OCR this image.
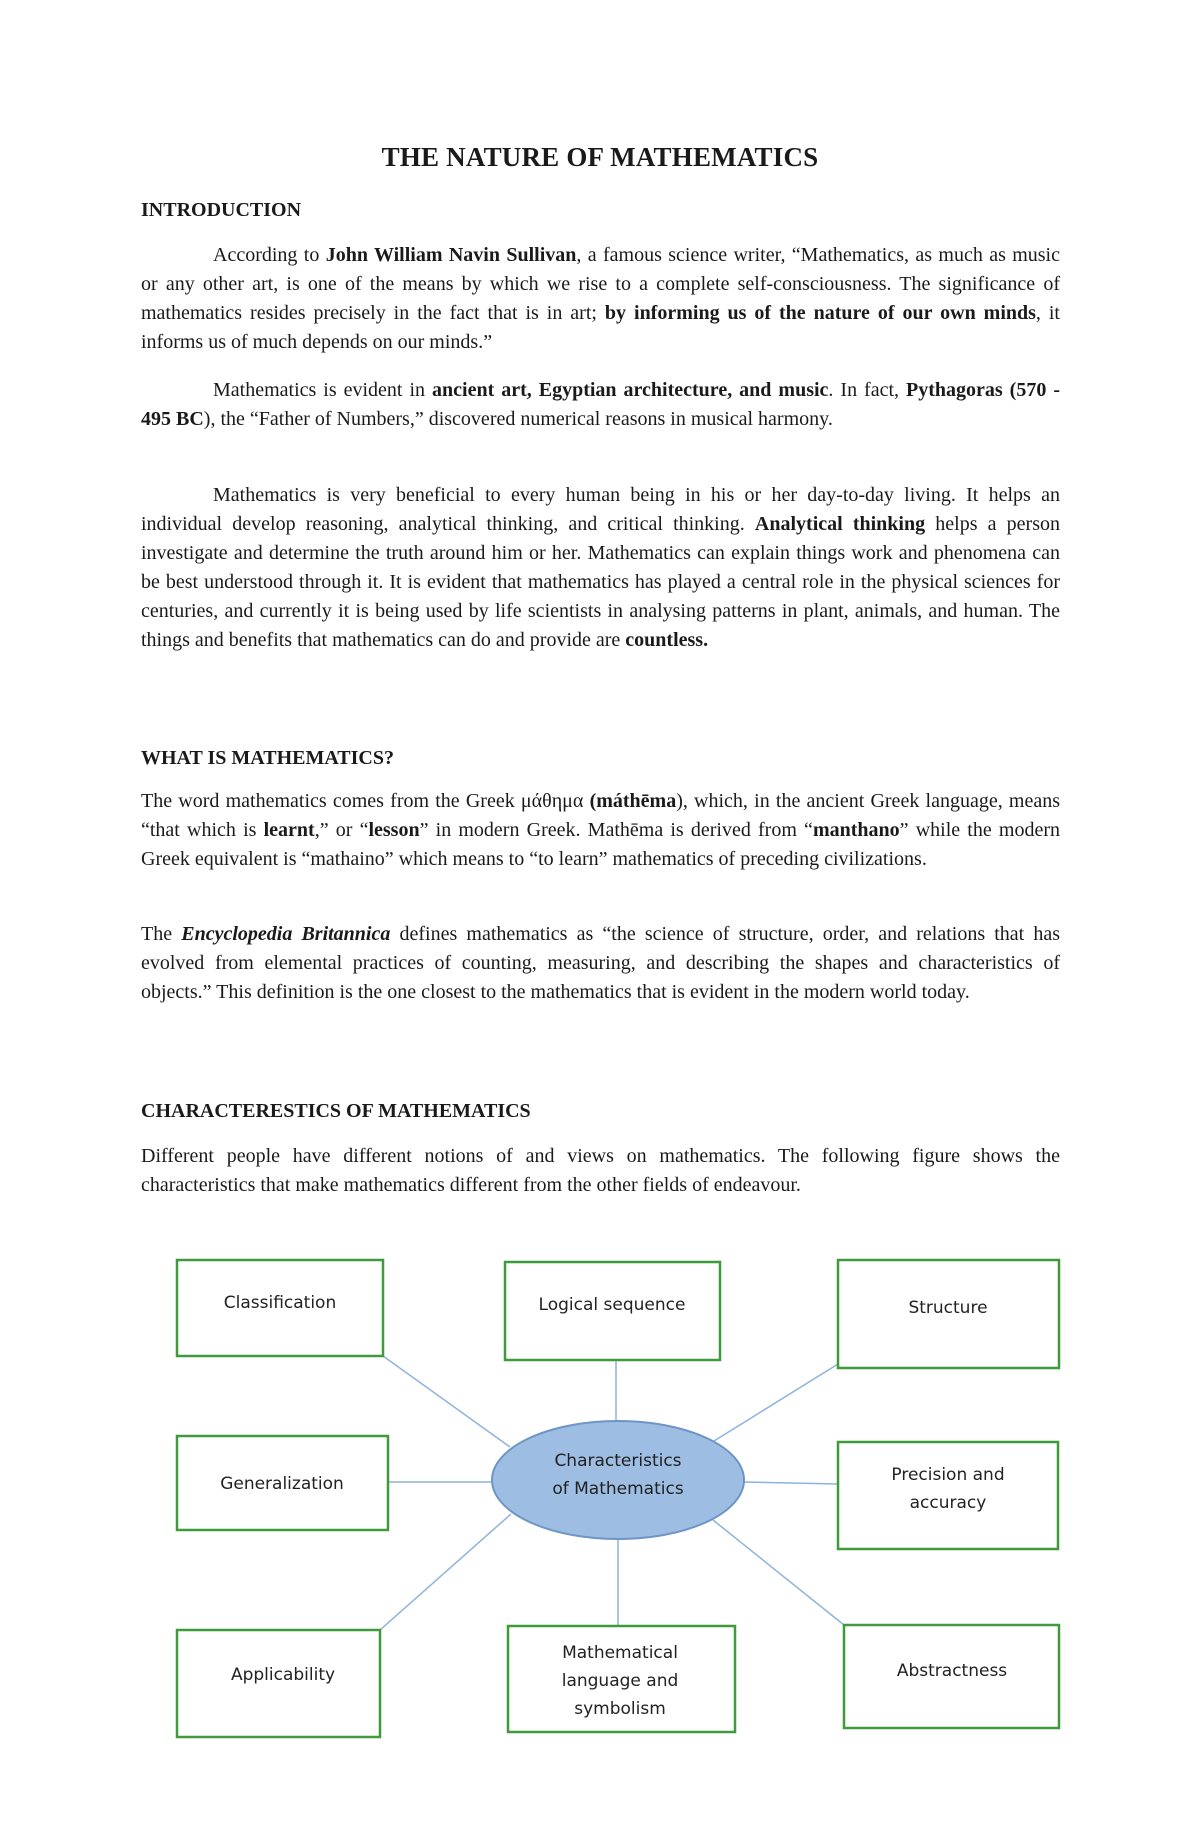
THE NATURE OF MATHEMATICS
INTRODUCTION

According to John William Navin Sullivan, a famous science writer, “Mathematics, as much as music or any other art, is one of the means by which we rise to a complete self-consciousness. The significance of mathematics resides precisely in the fact that is in art; by informing us of the nature of our own minds, it informs us of much depends on our minds.”

Mathematics is evident in ancient art, Egyptian architecture, and music. In fact, Pythagoras (570 - 495 BC), the “Father of Numbers,” discovered numerical reasons in musical harmony.

Mathematics is very beneficial to every human being in his or her day-to-day living. It helps an individual develop reasoning, analytical thinking, and critical thinking. Analytical thinking helps a person investigate and determine the truth around him or her. Mathematics can explain things work and phenomena can be best understood through it. It is evident that mathematics has played a central role in the physical sciences for centuries, and currently it is being used by life scientists in analysing patterns in plant, animals, and human. The things and benefits that mathematics can do and provide are countless.

WHAT IS MATHEMATICS?

The word mathematics comes from the Greek μάθημα (máthēma), which, in the ancient Greek language, means “that which is learnt,” or “lesson” in modern Greek. Mathēma is derived from “manthano” while the modern Greek equivalent is “mathaino” which means to “to learn” mathematics of preceding civilizations.

The Encyclopedia Britannica defines mathematics as “the science of structure, order, and relations that has evolved from elemental practices of counting, measuring, and describing the shapes and characteristics of objects.” This definition is the one closest to the mathematics that is evident in the modern world today.

CHARACTERESTICS OF MATHEMATICS

Different people have different notions of and views on mathematics. The following figure shows the characteristics that make mathematics different from the other fields of endeavour.

Classification	Logical sequence	Structure
Generalization	Precision and
accuracy
Applicability
Mathematical
language and
symbolism
Abstractness
Characteristics
of Mathematics
